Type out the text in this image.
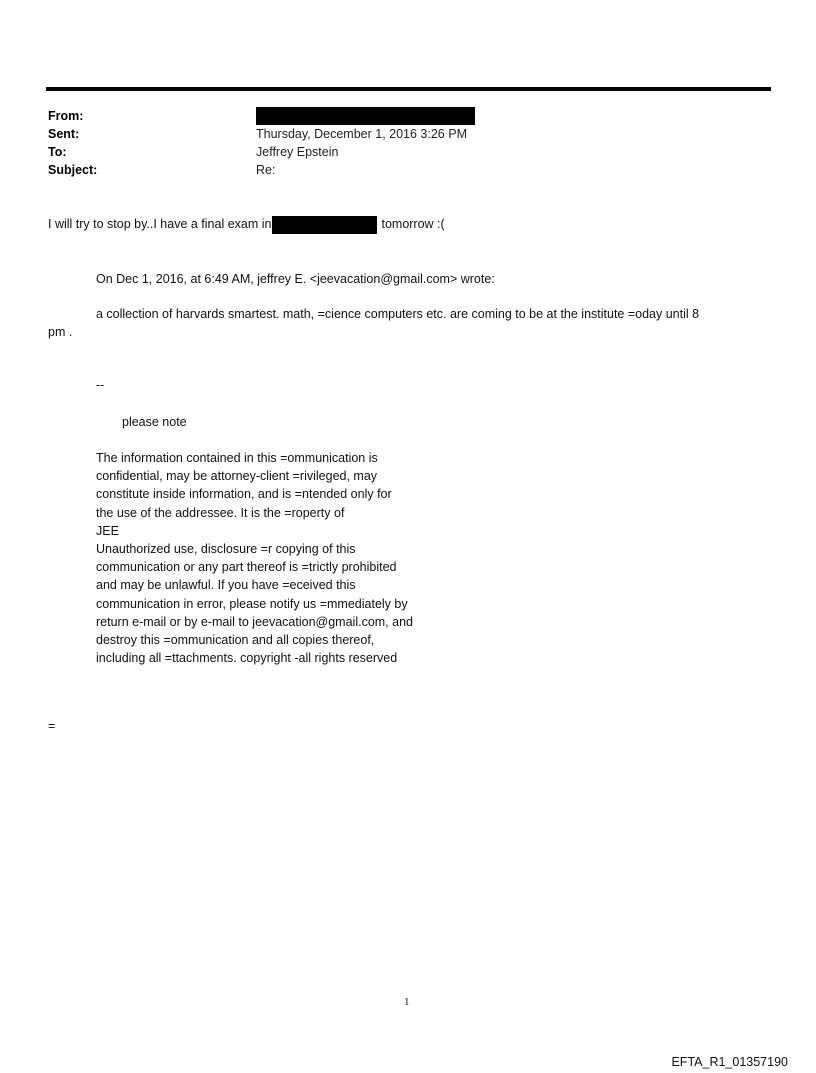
From:
Sent:	Thursday, December 1, 2016 3:26 PM
To:	Jeffrey Epstein
Subject:	Re:
I will try to stop by..I have a final exam in	tomorrow :(
On Dec 1, 2016, at 6:49 AM, jeffrey E. <jeevacation@gmail.com> wrote:
a collection of harvards smartest. math, =cience computers etc. are coming to be at the institute =oday until 8
pm .
--
please note
The information contained in this =ommunication is
confidential, may be attorney-client =rivileged, may
constitute inside information, and is =ntended only for
the use of the addressee. It is the =roperty of
JEE
Unauthorized use, disclosure =r copying of this
communication or any part thereof is =trictly prohibited
and may be unlawful. If you have =eceived this
communication in error, please notify us =mmediately by
return e-mail or by e-mail to jeevacation@gmail.com, and
destroy this =ommunication and all copies thereof,
including all =ttachments. copyright -all rights reserved
=
1
EFTA_R1_01357190
